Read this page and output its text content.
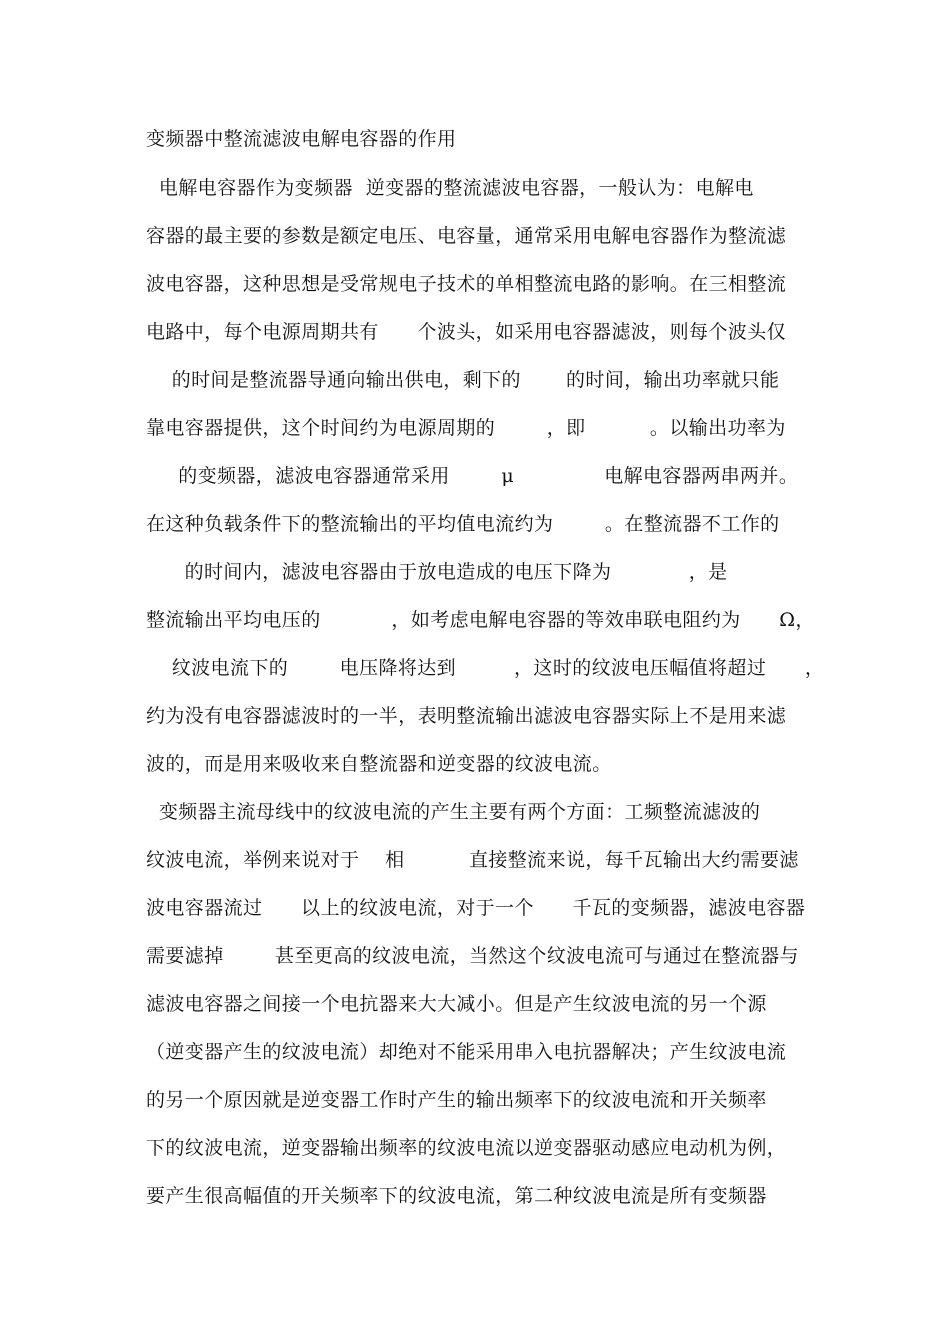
变频器中整流滤波电解电容器的作用
电解电容器作为变频器  逆变器的整流滤波电容器，一般认为：电解电
容器的最主要的参数是额定电压、电容量，通常采用电解电容器作为整流滤
波电容器，这种思想是受常规电子技术的单相整流电路的影响。在三相整流
电路中，每个电源周期共有      个波头，如采用电容器滤波，则每个波头仅
的时间是整流器导通向输出供电，剩下的       的时间，输出功率就只能
靠电容器提供，这个时间约为电源周期的        ，即          。以输出功率为
的变频器，滤波电容器通常采用        μ              电解电容器两串两并。
在这种负载条件下的整流输出的平均值电流约为        。在整流器不工作的
的时间内，滤波电容器由于放电造成的电压下降为            ，是
整流输出平均电压的           ，如考虑电解电容器的等效串联电阻约为      Ω，
纹波电流下的        电压降将达到         ，这时的纹波电压幅值将超过      ，
约为没有电容器滤波时的一半，表明整流输出滤波电容器实际上不是用来滤
波的，而是用来吸收来自整流器和逆变器的纹波电流。
变频器主流母线中的纹波电流的产生主要有两个方面：工频整流滤波的
纹波电流，举例来说对于    相          直接整流来说，每千瓦输出大约需要滤
波电容器流过      以上的纹波电流，对于一个      千瓦的变频器，滤波电容器
需要滤掉        甚至更高的纹波电流，当然这个纹波电流可与通过在整流器与
滤波电容器之间接一个电抗器来大大减小。但是产生纹波电流的另一个源
（逆变器产生的纹波电流）却绝对不能采用串入电抗器解决；产生纹波电流
的另一个原因就是逆变器工作时产生的输出频率下的纹波电流和开关频率
下的纹波电流，逆变器输出频率的纹波电流以逆变器驱动感应电动机为例，
要产生很高幅值的开关频率下的纹波电流，第二种纹波电流是所有变频器
